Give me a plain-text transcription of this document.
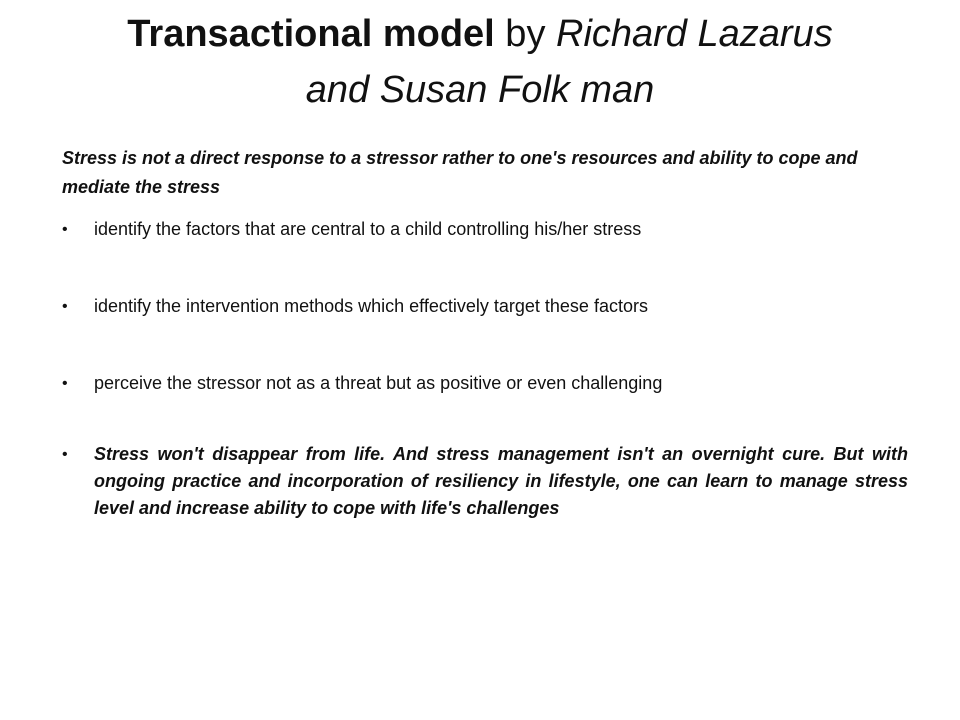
Transactional model by Richard Lazarus
and Susan Folk man
Stress is not a direct response to a stressor rather to one's resources and ability to cope and mediate the stress
•	identify the factors that are central to a child controlling his/her stress
•	identify the intervention methods which effectively target these factors
•	perceive the stressor not as a threat but as positive or even challenging
•	Stress won't disappear from life. And stress management isn't an overnight cure. But with ongoing practice and incorporation of resiliency in lifestyle, one can learn to manage stress level and increase ability to cope with life's challenges
